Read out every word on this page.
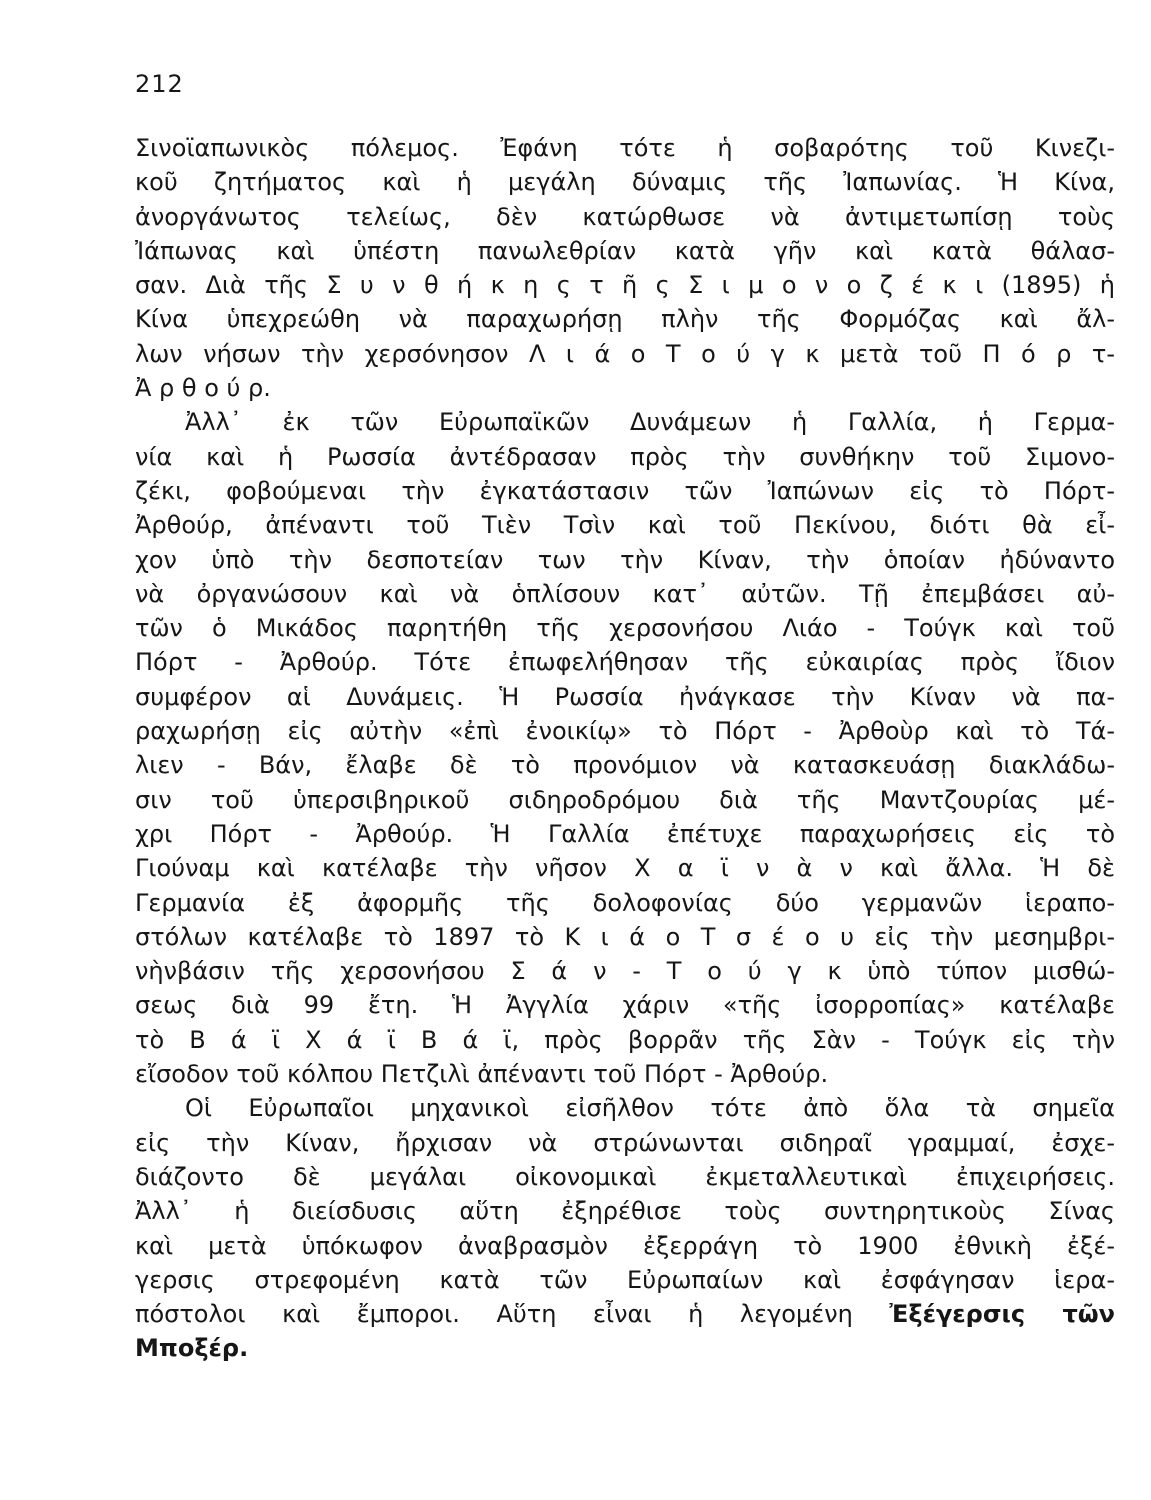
212
Σινοϊαπωνικὸς πόλεμος. Ἐφάνη τότε ἡ σοβαρότης τοῦ Κινεζι-
κοῦ ζητήματος καὶ ἡ μεγάλη δύναμις τῆς Ἰαπωνίας. Ἡ Κίνα,
ἀνοργάνωτος τελείως, δὲν κατώρθωσε νὰ ἀντιμετωπίσῃ τοὺς
Ἰάπωνας καὶ ὑπέστη πανωλεθρίαν κατὰ γῆν καὶ κατὰ θάλασ-
σαν. Διὰ τῆς Σ υ ν θ ή κ η ς τ ῆ ς Σ ι μ ο ν ο ζ έ κ ι (1895) ἡ
Κίνα ὑπεχρεώθη νὰ παραχωρήσῃ πλὴν τῆς Φορμόζας καὶ ἄλ-
λων νήσων τὴν χερσόνησον Λ ι ά ο Τ ο ύ γ κ μετὰ τοῦ Π ό ρ τ-
Ἀ ρ θ ο ύ ρ.
Ἀλλ᾽ ἐκ τῶν Εὐρωπαϊκῶν Δυνάμεων ἡ Γαλλία, ἡ Γερμα-
νία καὶ ἡ Ρωσσία ἀντέδρασαν πρὸς τὴν συνθήκην τοῦ Σιμονο-
ζέκι, φοβούμεναι τὴν ἐγκατάστασιν τῶν Ἰαπώνων εἰς τὸ Πόρτ-
Ἀρθούρ, ἀπέναντι τοῦ Τιὲν Τσὶν καὶ τοῦ Πεκίνου, διότι θὰ εἶ-
χον ὑπὸ τὴν δεσποτείαν των τὴν Κίναν, τὴν ὁποίαν ἠδύναντο
νὰ ὀργανώσουν καὶ νὰ ὁπλίσουν κατ᾽ αὐτῶν. Τῇ ἐπεμβάσει αὐ-
τῶν ὁ Μικάδος παρητήθη τῆς χερσονήσου Λιάο - Τούγκ καὶ τοῦ
Πόρτ - Ἀρθούρ. Τότε ἐπωφελήθησαν τῆς εὐκαιρίας πρὸς ἴδιον
συμφέρον αἱ Δυνάμεις. Ἡ Ρωσσία ἠνάγκασε τὴν Κίναν νὰ πα-
ραχωρήσῃ εἰς αὐτὴν «ἐπὶ ἐνοικίῳ» τὸ Πόρτ - Ἀρθοὺρ καὶ τὸ Τά-
λιεν - Βάν, ἔλαβε δὲ τὸ προνόμιον νὰ κατασκευάσῃ διακλάδω-
σιν τοῦ ὑπερσιβηρικοῦ σιδηροδρόμου διὰ τῆς Μαντζουρίας μέ-
χρι Πόρτ - Ἀρθούρ. Ἡ Γαλλία ἐπέτυχε παραχωρήσεις εἰς τὸ
Γιούναμ καὶ κατέλαβε τὴν νῆσον Χ α ϊ ν ὰ ν καὶ ἄλλα. Ἡ δὲ
Γερμανία ἐξ ἀφορμῆς τῆς δολοφονίας δύο γερμανῶν ἱεραπο-
στόλων κατέλαβε τὸ 1897 τὸ Κ ι ά ο Τ σ έ ο υ εἰς τὴν μεσημβρι-
νὴνβάσιν τῆς χερσονήσου Σ ά ν - Τ ο ύ γ κ ὑπὸ τύπον μισθώ-
σεως διὰ 99 ἔτη. Ἡ Ἀγγλία χάριν «τῆς ἰσορροπίας» κατέλαβε
τὸ Β ά ϊ Χ ά ϊ Β ά ϊ, πρὸς βορρᾶν τῆς Σὰν - Τούγκ εἰς τὴν
εἴσοδον τοῦ κόλπου Πετζιλὶ ἀπέναντι τοῦ Πόρτ - Ἀρθούρ.
Οἱ Εὐρωπαῖοι μηχανικοὶ εἰσῆλθον τότε ἀπὸ ὅλα τὰ σημεῖα
εἰς τὴν Κίναν, ἤρχισαν νὰ στρώνωνται σιδηραῖ γραμμαί, ἐσχε-
διάζοντο δὲ μεγάλαι οἰκονομικαὶ ἐκμεταλλευτικαὶ ἐπιχειρήσεις.
Ἀλλ᾽ ἡ διείσδυσις αὕτη ἐξηρέθισε τοὺς συντηρητικοὺς Σίνας
καὶ μετὰ ὑπόκωφον ἀναβρασμὸν ἐξερράγη τὸ 1900 ἐθνικὴ ἐξέ-
γερσις στρεφομένη κατὰ τῶν Εὐρωπαίων καὶ ἐσφάγησαν ἱερα-
πόστολοι καὶ ἔμποροι. Αὕτη εἶναι ἡ λεγομένη Ἐξέγερσις τῶν
Μποξέρ.
